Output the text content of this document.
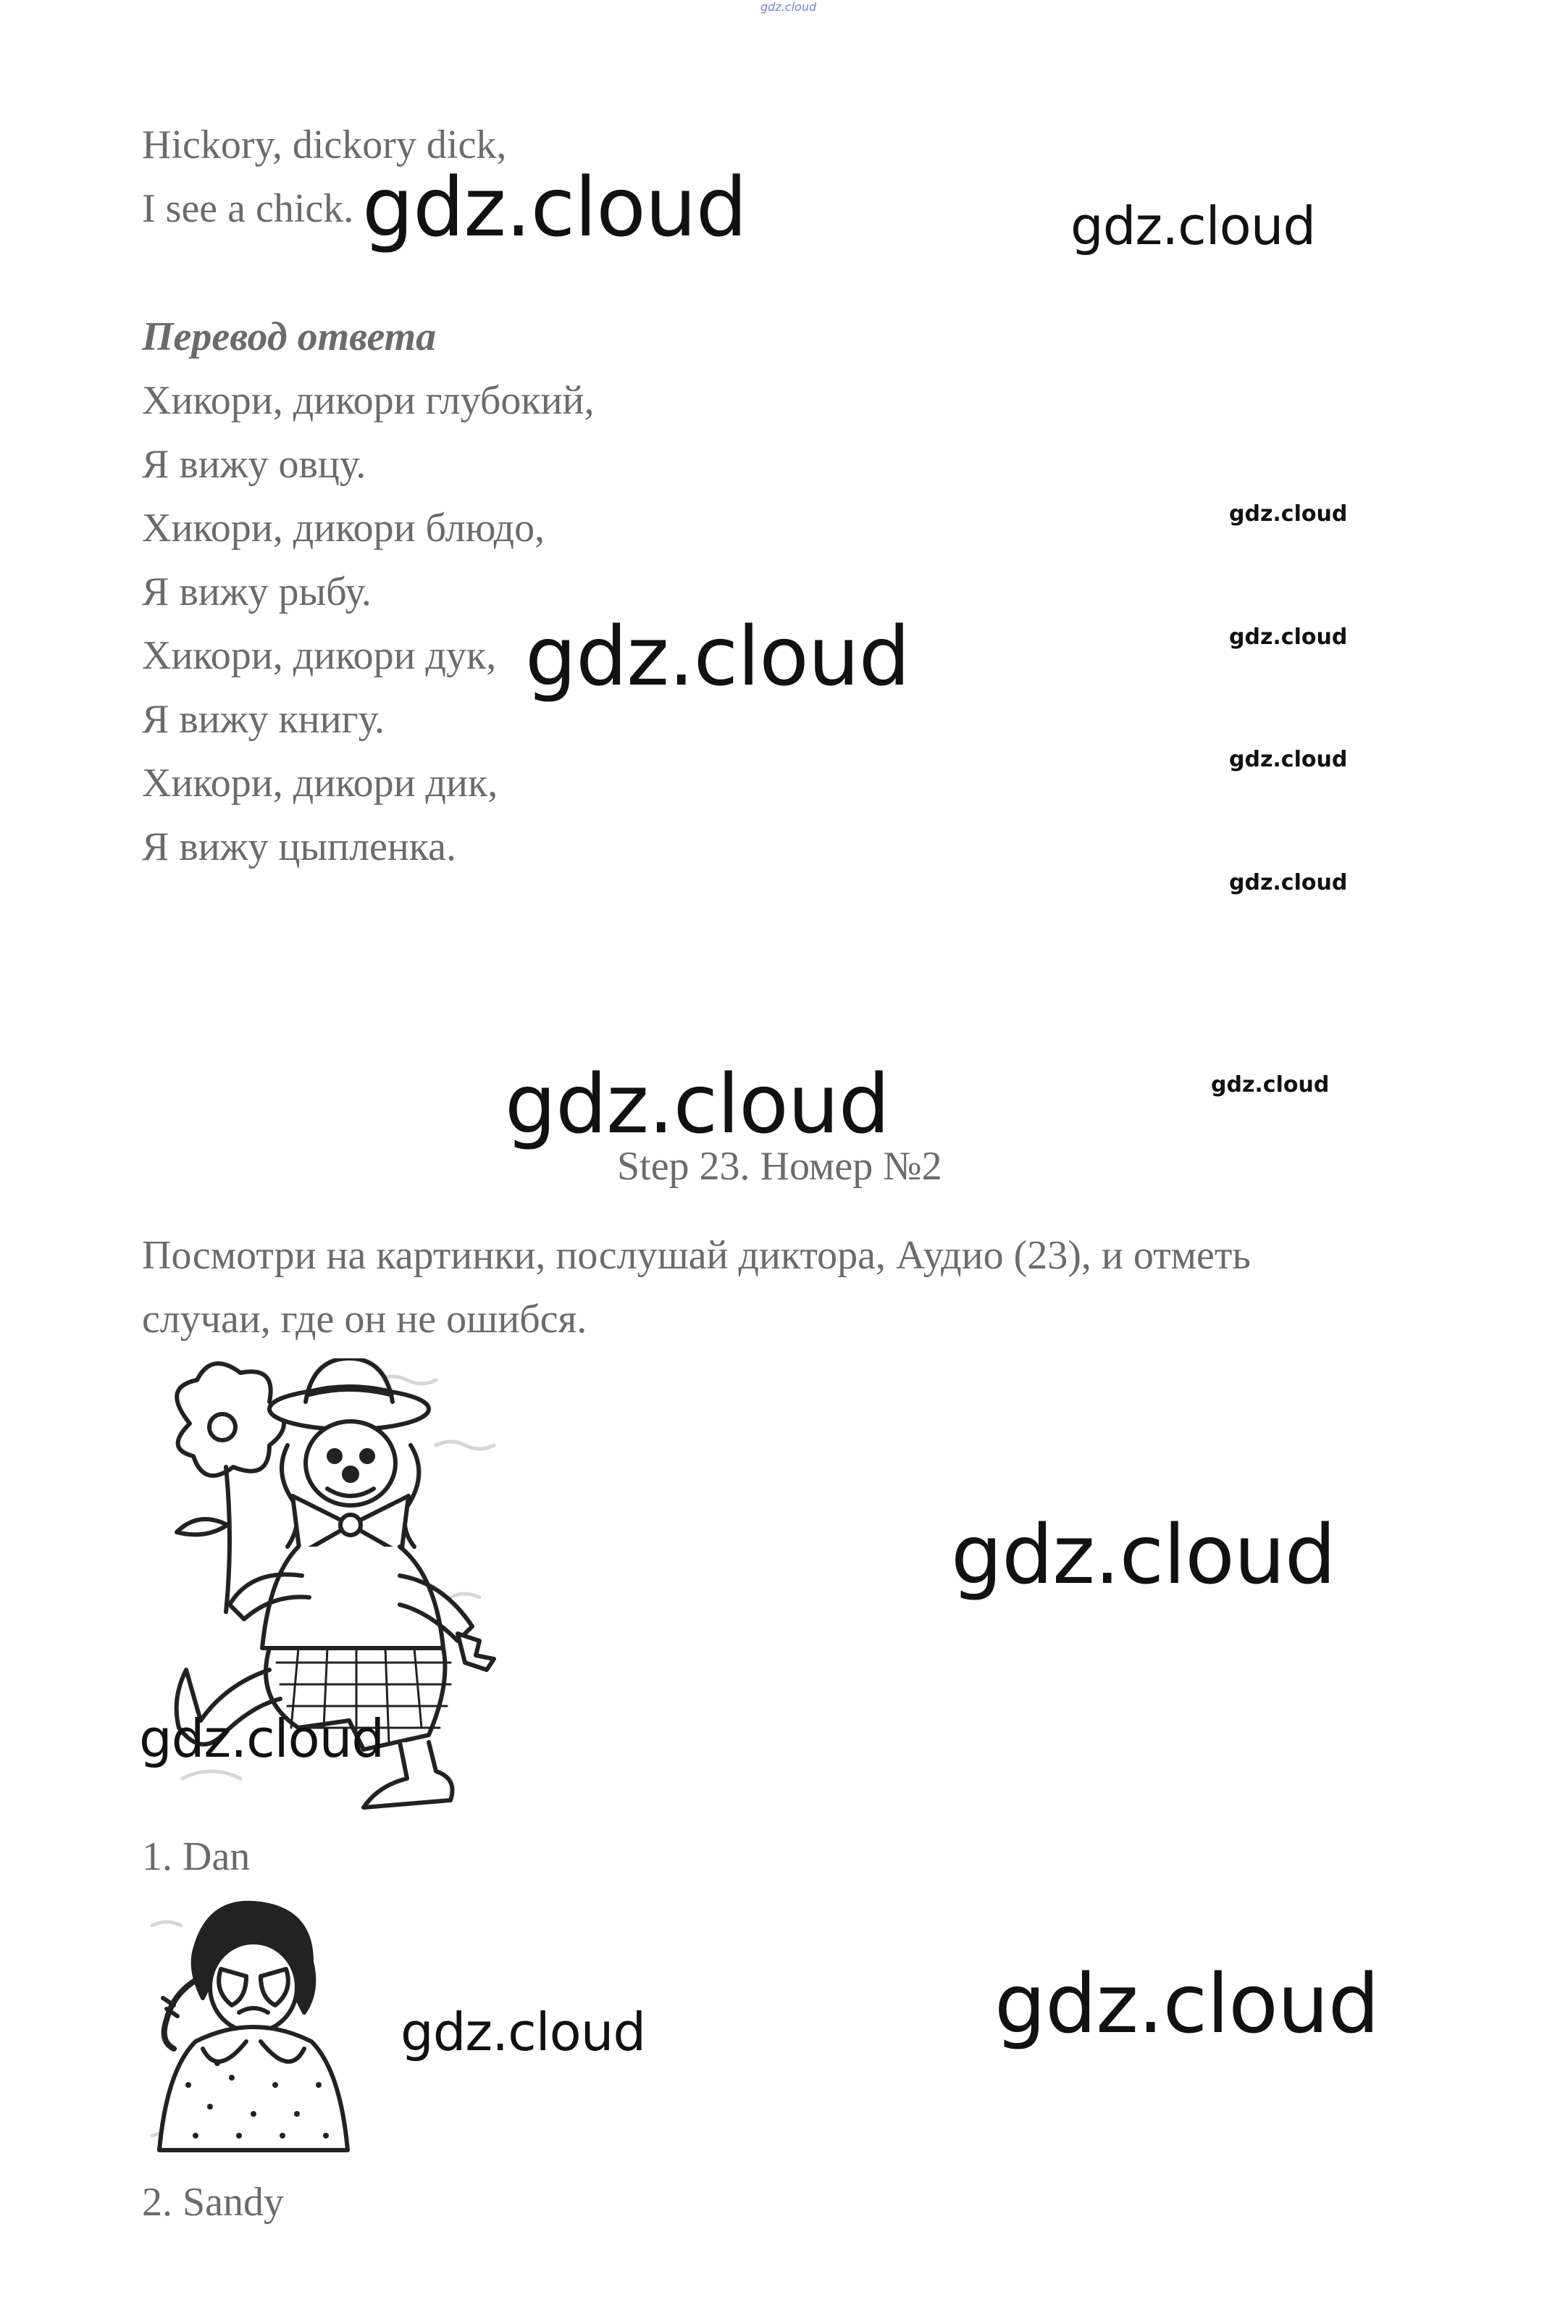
gdz.cloud
Hickory, dickory dick,
I see a chick.
Перевод ответа
Хикори, дикори глубокий,
Я вижу овцу.
Хикори, дикори блюдо,
Я вижу рыбу.
Хикори, дикори дук,
Я вижу книгу.
Хикори, дикори дик,
Я вижу цыпленка.
Step 23. Номер №2
Посмотри на картинки, послушай диктора, Аудио (23), и отметь
случаи, где он не ошибся.
1. Dan
2. Sandy
gdz.cloud	gdz.cloud
gdz.cloud
gdz.cloud
gdz.cloud
gdz.cloud
gdz.cloud
gdz.cloud	gdz.cloud
gdz.cloud
gdz.cloud
gdz.cloud	gdz.cloud
